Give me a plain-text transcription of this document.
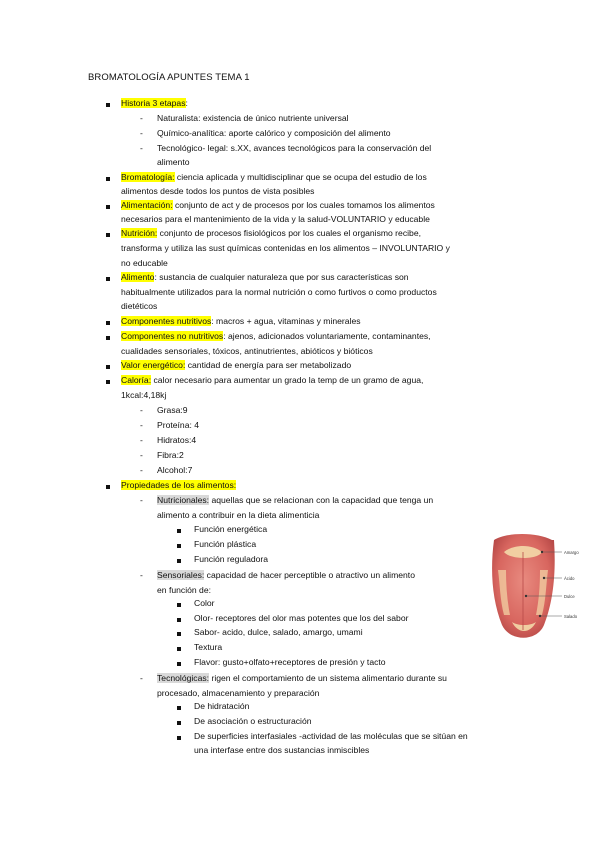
BROMATOLOGÍA APUNTES TEMA 1
Historia 3 etapas:
- Naturalista: existencia de único nutriente universal
- Químico-analítica: aporte calórico y composición del alimento
- Tecnológico- legal: s.XX, avances tecnológicos para la conservación del
alimento
Bromatología: ciencia aplicada y multidisciplinar que se ocupa del estudio de los
alimentos desde todos los puntos de vista posibles
Alimentación: conjunto de act y de procesos por los cuales tomamos los alimentos
necesarios para el mantenimiento de la vida y la salud-VOLUNTARIO y educable
Nutrición: conjunto de procesos fisiológicos por los cuales el organismo recibe,
transforma y utiliza las sust químicas contenidas en los alimentos – INVOLUNTARIO y
no educable
Alimento: sustancia de cualquier naturaleza que por sus características son
habitualmente utilizados para la normal nutrición o como furtivos o como productos
dietéticos
Componentes nutritivos: macros + agua, vitaminas y minerales
Componentes no nutritivos: ajenos, adicionados voluntariamente, contaminantes,
cualidades sensoriales, tóxicos, antinutrientes, abióticos y bióticos
Valor energético: cantidad de energía para ser metabolizado
Caloría: calor necesario para aumentar un grado la temp de un gramo de agua,
1kcal:4,18kj
- Grasa:9
- Proteína: 4
- Hidratos:4
- Fibra:2
- Alcohol:7
Propiedades de los alimentos:
- Nutricionales: aquellas que se relacionan con la capacidad que tenga un
alimento a contribuir en la dieta alimenticia
Función energética
Función plástica
Función reguladora
- Sensoriales: capacidad de hacer perceptible o atractivo un alimento
en función de:
Color
Olor- receptores del olor mas potentes que los del sabor
Sabor- acido, dulce, salado, amargo, umami
Textura
Flavor: gusto+olfato+receptores de presión y tacto
- Tecnológicas: rigen el comportamiento de un sistema alimentario durante su
procesado, almacenamiento y preparación
De hidratación
De asociación o estructuración
De superficies interfasiales -actividad de las moléculas que se sitúan en
una interfase entre dos sustancias inmiscibles
Amargo
Ácido
Dulce
Salado
